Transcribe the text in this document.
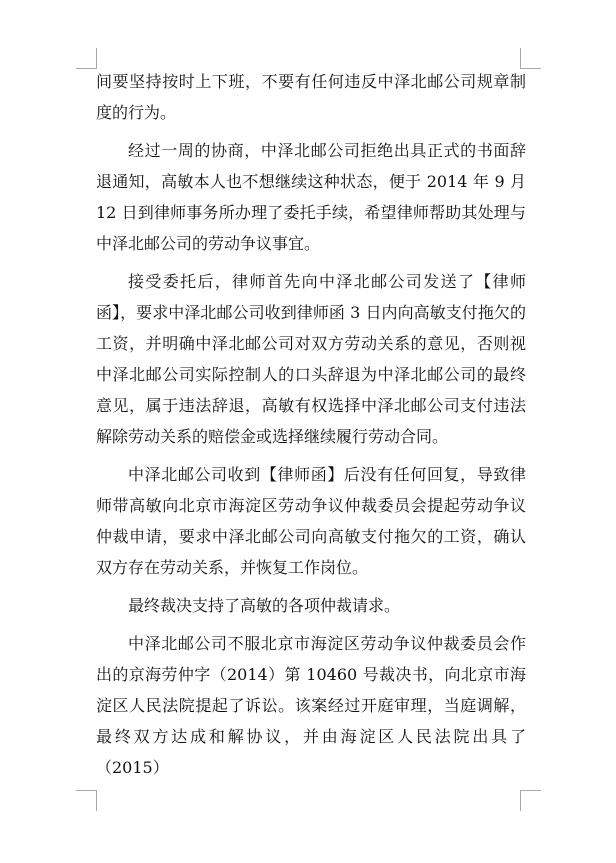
间要坚持按时上下班，不要有任何违反中泽北邮公司规章制度的行为。

经过一周的协商，中泽北邮公司拒绝出具正式的书面辞退通知，高敏本人也不想继续这种状态，便于 2014 年 9 月 12 日到律师事务所办理了委托手续，希望律师帮助其处理与中泽北邮公司的劳动争议事宜。

接受委托后，律师首先向中泽北邮公司发送了【律师函】，要求中泽北邮公司收到律师函 3 日内向高敏支付拖欠的工资，并明确中泽北邮公司对双方劳动关系的意见，否则视中泽北邮公司实际控制人的口头辞退为中泽北邮公司的最终意见，属于违法辞退，高敏有权选择中泽北邮公司支付违法解除劳动关系的赔偿金或选择继续履行劳动合同。

中泽北邮公司收到【律师函】后没有任何回复，导致律师带高敏向北京市海淀区劳动争议仲裁委员会提起劳动争议仲裁申请，要求中泽北邮公司向高敏支付拖欠的工资，确认双方存在劳动关系，并恢复工作岗位。

最终裁决支持了高敏的各项仲裁请求。

中泽北邮公司不服北京市海淀区劳动争议仲裁委员会作出的京海劳仲字（2014）第 10460 号裁决书，向北京市海淀区人民法院提起了诉讼。该案经过开庭审理，当庭调解，最终双方达成和解协议，并由海淀区人民法院出具了（2015）
